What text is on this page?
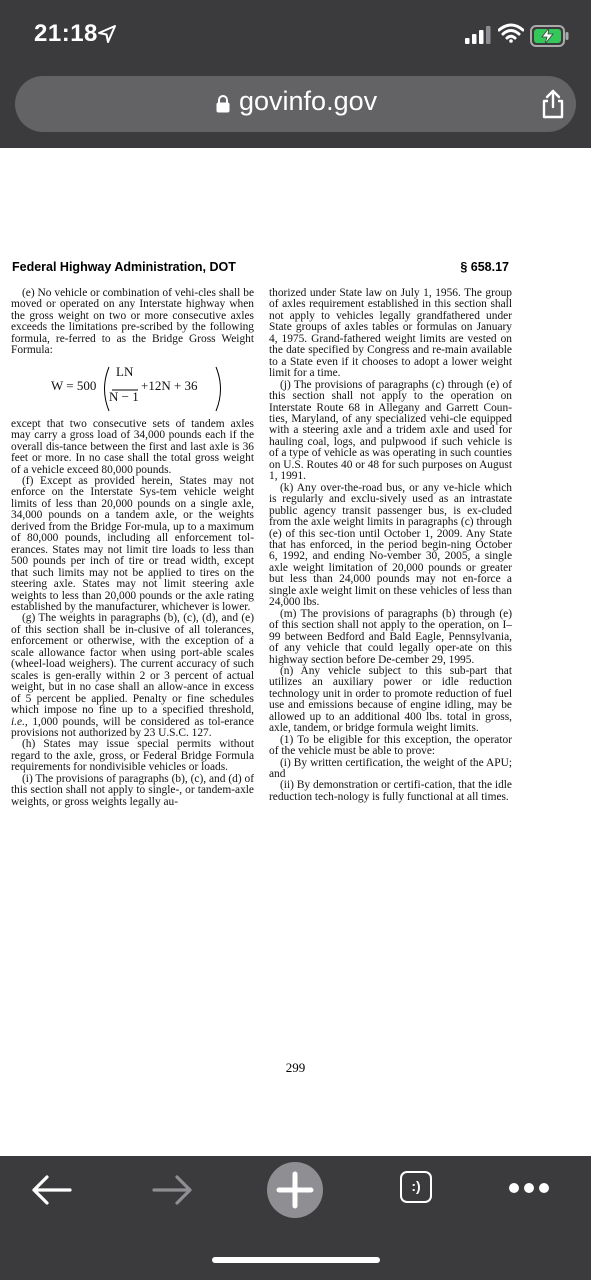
21:18
govinfo.gov
Federal Highway Administration, DOT	§ 658.17

(e) No vehicle or combination of vehi-cles shall be moved or operated on any Interstate highway when the gross weight on two or more consecutive axles exceeds the limitations pre-scribed by the following formula, re-ferred to as the Bridge Gross Weight Formula:

W = 500
LN
N − 1
+12N + 36

except that two consecutive sets of tandem axles may carry a gross load of 34,000 pounds each if the overall dis-tance between the first and last axle is 36 feet or more. In no case shall the total gross weight of a vehicle exceed 80,000 pounds.

(f) Except as provided herein, States may not enforce on the Interstate Sys-tem vehicle weight limits of less than 20,000 pounds on a single axle, 34,000 pounds on a tandem axle, or the weights derived from the Bridge For-mula, up to a maximum of 80,000 pounds, including all enforcement tol-erances. States may not limit tire loads to less than 500 pounds per inch of tire or tread width, except that such limits may not be applied to tires on the steering axle. States may not limit steering axle weights to less than 20,000 pounds or the axle rating established by the manufacturer, whichever is lower.

(g) The weights in paragraphs (b), (c), (d), and (e) of this section shall be in-clusive of all tolerances, enforcement or otherwise, with the exception of a scale allowance factor when using port-able scales (wheel-load weighers). The current accuracy of such scales is gen-erally within 2 or 3 percent of actual weight, but in no case shall an allow-ance in excess of 5 percent be applied. Penalty or fine schedules which impose no fine up to a specified threshold, i.e., 1,000 pounds, will be considered as tol-erance provisions not authorized by 23 U.S.C. 127.

(h) States may issue special permits without regard to the axle, gross, or Federal Bridge Formula requirements for nondivisible vehicles or loads.

(i) The provisions of paragraphs (b), (c), and (d) of this section shall not apply to single-, or tandem-axle weights, or gross weights legally au-

thorized under State law on July 1, 1956. The group of axles requirement established in this section shall not apply to vehicles legally grandfathered under State groups of axles tables or formulas on January 4, 1975. Grand-fathered weight limits are vested on the date specified by Congress and re-main available to a State even if it chooses to adopt a lower weight limit for a time.

(j) The provisions of paragraphs (c) through (e) of this section shall not apply to the operation on Interstate Route 68 in Allegany and Garrett Coun-ties, Maryland, of any specialized vehi-cle equipped with a steering axle and a tridem axle and used for hauling coal, logs, and pulpwood if such vehicle is of a type of vehicle as was operating in such counties on U.S. Routes 40 or 48 for such purposes on August 1, 1991.

(k) Any over-the-road bus, or any ve-hicle which is regularly and exclu-sively used as an intrastate public agency transit passenger bus, is ex-cluded from the axle weight limits in paragraphs (c) through (e) of this sec-tion until October 1, 2009. Any State that has enforced, in the period begin-ning October 6, 1992, and ending No-vember 30, 2005, a single axle weight limitation of 20,000 pounds or greater but less than 24,000 pounds may not en-force a single axle weight limit on these vehicles of less than 24,000 lbs.

(m) The provisions of paragraphs (b) through (e) of this section shall not apply to the operation, on I–99 between Bedford and Bald Eagle, Pennsylvania, of any vehicle that could legally oper-ate on this highway section before De-cember 29, 1995.

(n) Any vehicle subject to this sub-part that utilizes an auxiliary power or idle reduction technology unit in order to promote reduction of fuel use and emissions because of engine idling, may be allowed up to an additional 400 lbs. total in gross, axle, tandem, or bridge formula weight limits.

(1) To be eligible for this exception, the operator of the vehicle must be able to prove:

(i) By written certification, the weight of the APU; and

(ii) By demonstration or certifi-cation, that the idle reduction tech-nology is fully functional at all times.

299
:)
